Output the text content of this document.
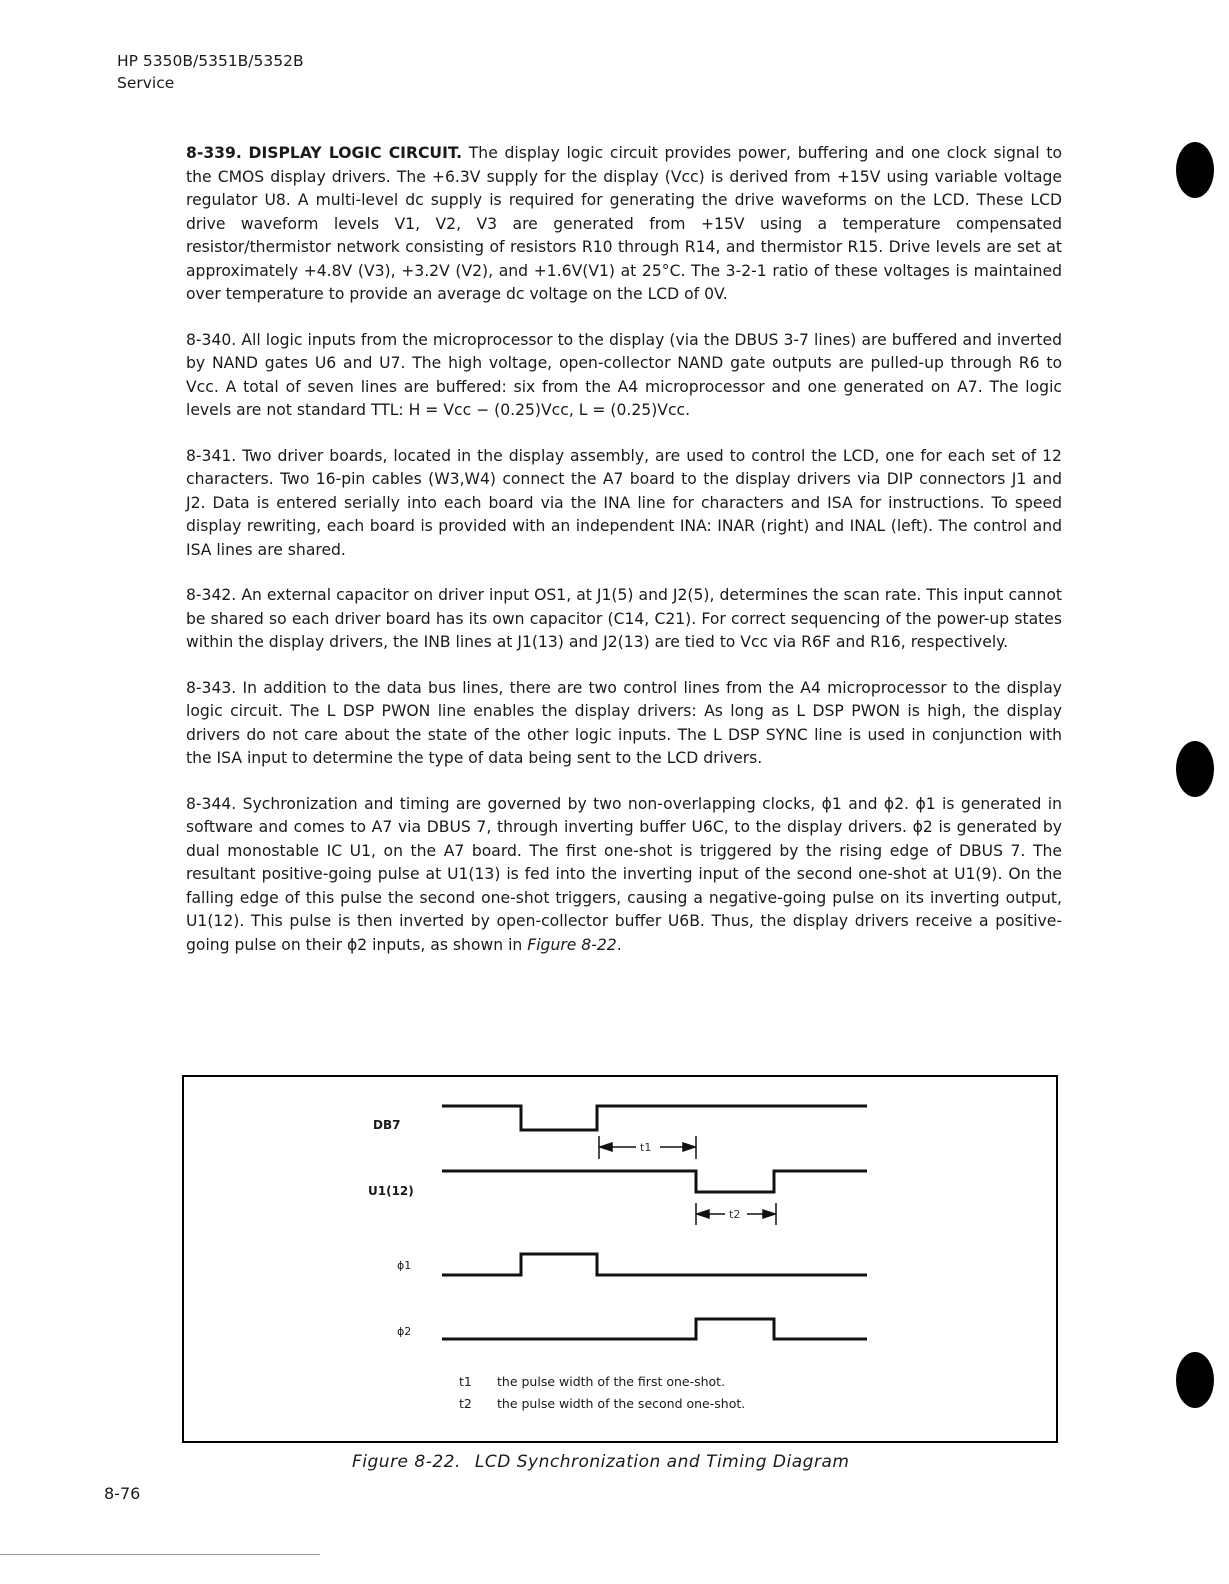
HP 5350B/5351B/5352B
Service

8-339. DISPLAY LOGIC CIRCUIT. The display logic circuit provides power, buffering and one clock signal to the CMOS display drivers. The +6.3V supply for the display (Vcc) is derived from +15V using variable voltage regulator U8. A multi-level dc supply is required for generating the drive waveforms on the LCD. These LCD drive waveform levels V1, V2, V3 are generated from +15V using a temperature compensated resistor/thermistor network consisting of resistors R10 through R14, and thermistor R15. Drive levels are set at approximately +4.8V (V3), +3.2V (V2), and +1.6V(V1) at 25°C. The 3-2-1 ratio of these voltages is maintained over temperature to provide an average dc voltage on the LCD of 0V.

8-340. All logic inputs from the microprocessor to the display (via the DBUS 3-7 lines) are buffered and inverted by NAND gates U6 and U7. The high voltage, open-collector NAND gate outputs are pulled-up through R6 to Vcc. A total of seven lines are buffered: six from the A4 microprocessor and one generated on A7. The logic levels are not standard TTL: H = Vcc − (0.25)Vcc, L = (0.25)Vcc.

8-341. Two driver boards, located in the display assembly, are used to control the LCD, one for each set of 12 characters. Two 16-pin cables (W3,W4) connect the A7 board to the display drivers via DIP connectors J1 and J2. Data is entered serially into each board via the INA line for characters and ISA for instructions. To speed display rewriting, each board is provided with an independent INA: INAR (right) and INAL (left). The control and ISA lines are shared.

8-342. An external capacitor on driver input OS1, at J1(5) and J2(5), determines the scan rate. This input cannot be shared so each driver board has its own capacitor (C14, C21). For correct sequencing of the power-up states within the display drivers, the INB lines at J1(13) and J2(13) are tied to Vcc via R6F and R16, respectively.

8-343. In addition to the data bus lines, there are two control lines from the A4 microprocessor to the display logic circuit. The L DSP PWON line enables the display drivers: As long as L DSP PWON is high, the display drivers do not care about the state of the other logic inputs. The L DSP SYNC line is used in conjunction with the ISA input to determine the type of data being sent to the LCD drivers.

8-344. Sychronization and timing are governed by two non-overlapping clocks, ϕ1 and ϕ2. ϕ1 is generated in software and comes to A7 via DBUS 7, through inverting buffer U6C, to the display drivers. ϕ2 is generated by dual monostable IC U1, on the A7 board. The first one-shot is triggered by the rising edge of DBUS 7. The resultant positive-going pulse at U1(13) is fed into the inverting input of the second one-shot at U1(9). On the falling edge of this pulse the second one-shot triggers, causing a negative-going pulse on its inverting output, U1(12). This pulse is then inverted by open-collector buffer U6B. Thus, the display drivers receive a positive-going pulse on their ϕ2 inputs, as shown in Figure 8-22.

DB7
U1(12)
ϕ1
ϕ2
t1
t2
t1 the pulse width of the first one-shot.
t2 the pulse width of the second one-shot.
Figure 8-22. LCD Synchronization and Timing Diagram
8-76
